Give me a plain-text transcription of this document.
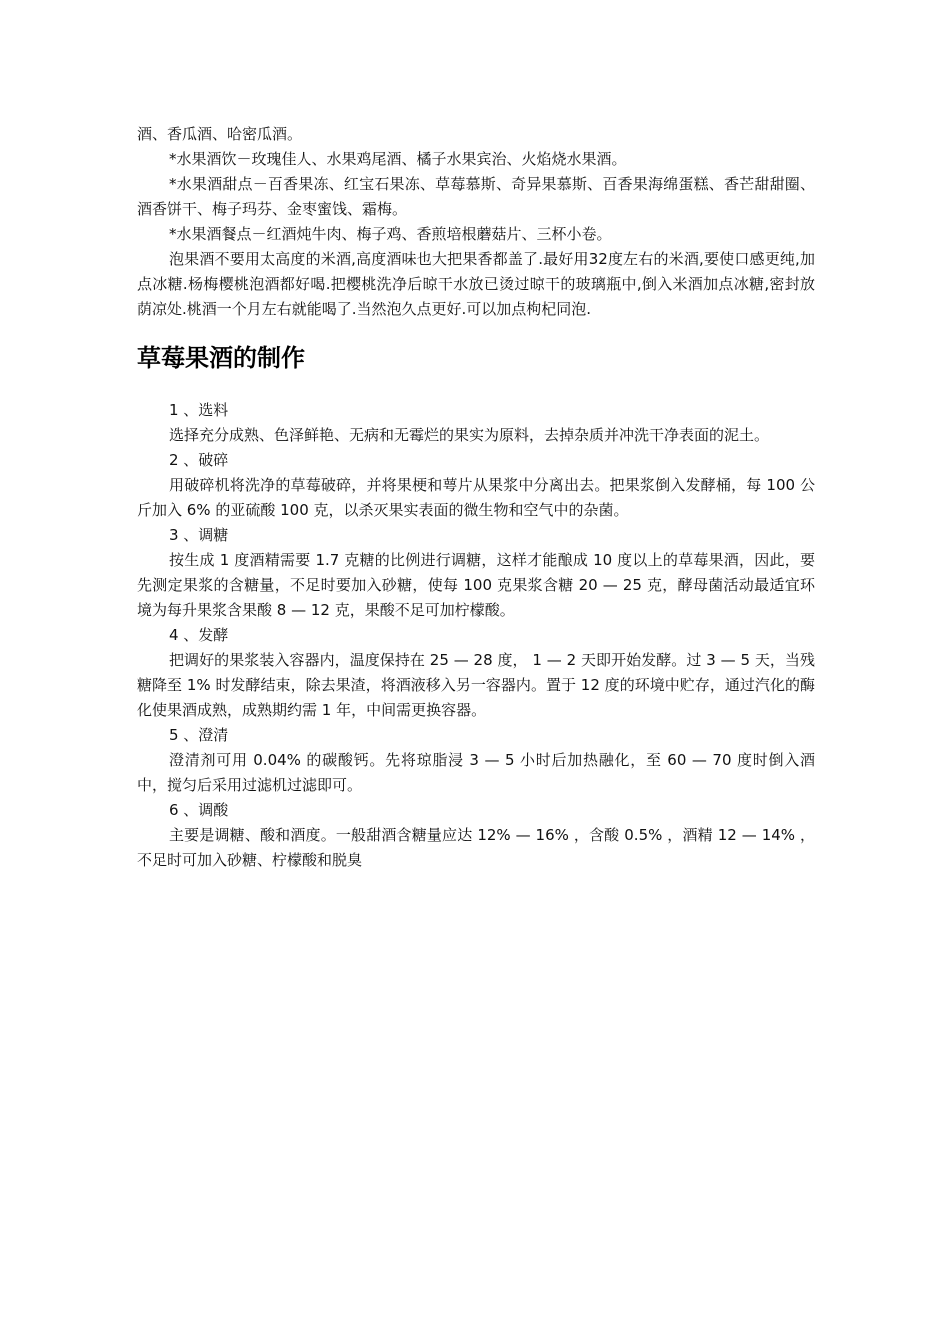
酒、香瓜酒、哈密瓜酒。

*水果酒饮－玫瑰佳人、水果鸡尾酒、橘子水果宾治、火焰烧水果酒。

*水果酒甜点－百香果冻、红宝石果冻、草莓慕斯、奇异果慕斯、百香果海绵蛋糕、香芒甜甜圈、酒香饼干、梅子玛芬、金枣蜜饯、霜梅。

*水果酒餐点－红酒炖牛肉、梅子鸡、香煎培根蘑菇片、三杯小卷。

泡果酒不要用太高度的米酒,高度酒味也大把果香都盖了.最好用32度左右的米酒,要使口感更纯,加点冰糖.杨梅樱桃泡酒都好喝.把樱桃洗净后晾干水放已烫过晾干的玻璃瓶中,倒入米酒加点冰糖,密封放荫凉处.桃酒一个月左右就能喝了.当然泡久点更好.可以加点枸杞同泡.

草莓果酒的制作

1 、选料

选择充分成熟、色泽鲜艳、无病和无霉烂的果实为原料，去掉杂质并冲洗干净表面的泥土。

2 、破碎

用破碎机将洗净的草莓破碎，并将果梗和萼片从果浆中分离出去。把果浆倒入发酵桶，每 100 公斤加入 6% 的亚硫酸 100 克，以杀灭果实表面的微生物和空气中的杂菌。

3 、调糖

按生成 1 度酒精需要 1.7 克糖的比例进行调糖，这样才能酿成 10 度以上的草莓果酒，因此，要先测定果浆的含糖量，不足时要加入砂糖，使每 100 克果浆含糖 20 — 25 克，酵母菌活动最适宜环境为每升果浆含果酸 8 — 12 克，果酸不足可加柠檬酸。

4 、发酵

把调好的果浆装入容器内，温度保持在 25 — 28 度， 1 — 2 天即开始发酵。过 3 — 5 天，当残糖降至 1% 时发酵结束，除去果渣，将酒液移入另一容器内。置于 12 度的环境中贮存，通过汽化的酶化使果酒成熟，成熟期约需 1 年，中间需更换容器。

5 、澄清

澄清剂可用 0.04% 的碳酸钙。先将琼脂浸 3 — 5 小时后加热融化，至 60 — 70 度时倒入酒中，搅匀后采用过滤机过滤即可。

6 、调酸

主要是调糖、酸和酒度。一般甜酒含糖量应达 12% — 16% ，含酸 0.5% ，酒精 12 — 14% ，不足时可加入砂糖、柠檬酸和脱臭
